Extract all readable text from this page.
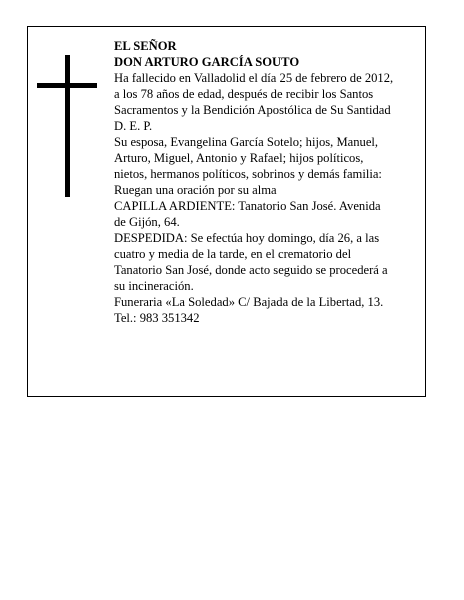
EL SEÑOR

DON ARTURO GARCÍA SOUTO

Ha fallecido en Valladolid el día 25 de febrero de 2012,

a los 78 años de edad, después de recibir los Santos

Sacramentos y la Bendición Apostólica de Su Santidad

D. E. P.

Su esposa, Evangelina García Sotelo; hijos, Manuel,

Arturo, Miguel, Antonio y Rafael; hijos políticos,

nietos, hermanos políticos, sobrinos y demás familia:

Ruegan una oración por su alma

CAPILLA ARDIENTE: Tanatorio San José. Avenida

de Gijón, 64.

DESPEDIDA: Se efectúa hoy domingo, día 26, a las

cuatro y media de la tarde, en el crematorio del

Tanatorio San José, donde acto seguido se procederá a

su incineración.

Funeraria «La Soledad» C/ Bajada de la Libertad, 13.

Tel.: 983 351342
